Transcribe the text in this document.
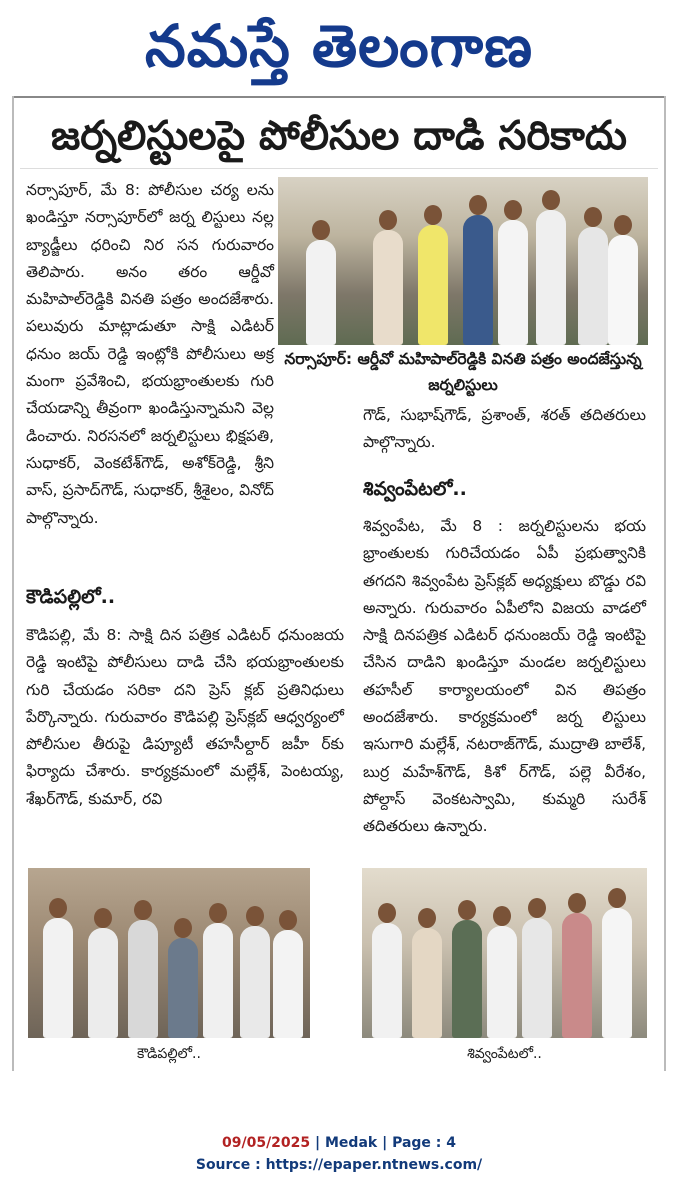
నమస్తే తెలంగాణ
జర్నలిస్టులపై పోలీసుల దాడి సరికాదు

నర్సాపూర్, మే 8: పోలీసుల చర్య లను ఖండిస్తూ నర్సాపూర్‌లో జర్న లిస్టులు నల్ల బ్యాడ్జీలు ధరించి నిర సన గురువారం తెలిపారు. అనం తరం ఆర్డీవో మహిపాల్‌రెడ్డికి వినతి పత్రం అందజేశారు. పలువురు మాట్లాడుతూ సాక్షి ఎడిటర్ ధనుం జయ్ రెడ్డి ఇంట్లోకి పోలీసులు అక్ర మంగా ప్రవేశించి, భయభ్రాంతులకు గురి చేయడాన్ని తీవ్రంగా ఖండిస్తున్నామని వెల్ల డించారు. నిరసనలో జర్నలిస్టులు భిక్షపతి, సుధాకర్, వెంకటేశ్‌గౌడ్, అశోక్‌రెడ్డి, శ్రీని వాస్, ప్రసాద్‌గౌడ్, సుధాకర్, శ్రీశైలం, వినోద్ పాల్గొన్నారు.

నర్సాపూర్: ఆర్డీవో మహిపాల్‌రెడ్డికి వినతి పత్రం అందజేస్తున్న జర్నలిస్టులు

గౌడ్, సుభాష్‌గౌడ్, ప్రశాంత్, శరత్ తదితరులు పాల్గొన్నారు.

శివ్వంపేటలో..

శివ్వంపేట, మే 8 : జర్నలిస్టులను భయ భ్రాంతులకు గురిచేయడం ఏపీ ప్రభుత్వానికి తగదని శివ్వంపేట ప్రెస్‌క్లబ్ అధ్యక్షులు బొడ్డు రవి అన్నారు. గురువారం ఏపీలోని విజయ వాడలో సాక్షి దినపత్రిక ఎడిటర్ ధనుంజయ్ రెడ్డి ఇంటిపై చేసిన దాడిని ఖండిస్తూ మండల జర్నలిస్టులు తహసీల్ కార్యాలయంలో విన తిపత్రం అందజేశారు. కార్యక్రమంలో జర్న లిస్టులు ఇసుగారి మల్లేశ్, నటరాజ్‌గౌడ్, ముద్రాతి బాలేశ్, బుర్ర మహేశ్‌గౌడ్, కిశో ర్‌గౌడ్, పల్లె వీరేశం, పోల్దాస్ వెంకటస్వామి, కుమ్మరి సురేశ్ తదితరులు ఉన్నారు.

కౌడిపల్లిలో..

కౌడిపల్లి, మే 8: సాక్షి దిన పత్రిక ఎడిటర్ ధనుంజయ రెడ్డి ఇంటిపై పోలీసులు దాడి చేసి భయభ్రాంతులకు గురి చేయడం సరికా దని ప్రెస్ క్లబ్ ప్రతినిధులు పేర్కొన్నారు. గురువారం కౌడిపల్లి ప్రెస్‌క్లబ్ ఆధ్వర్యంలో పోలీసుల తీరుపై డిప్యూటీ తహసీల్దార్ జహీ ర్‌కు ఫిర్యాదు చేశారు. కార్యక్రమంలో మల్లేశ్, పెంటయ్య, శేఖర్‌గౌడ్, కుమార్, రవి

కౌడిపల్లిలో..	శివ్వంపేటలో..
09/05/2025 | Medak | Page : 4
Source : https://epaper.ntnews.com/
